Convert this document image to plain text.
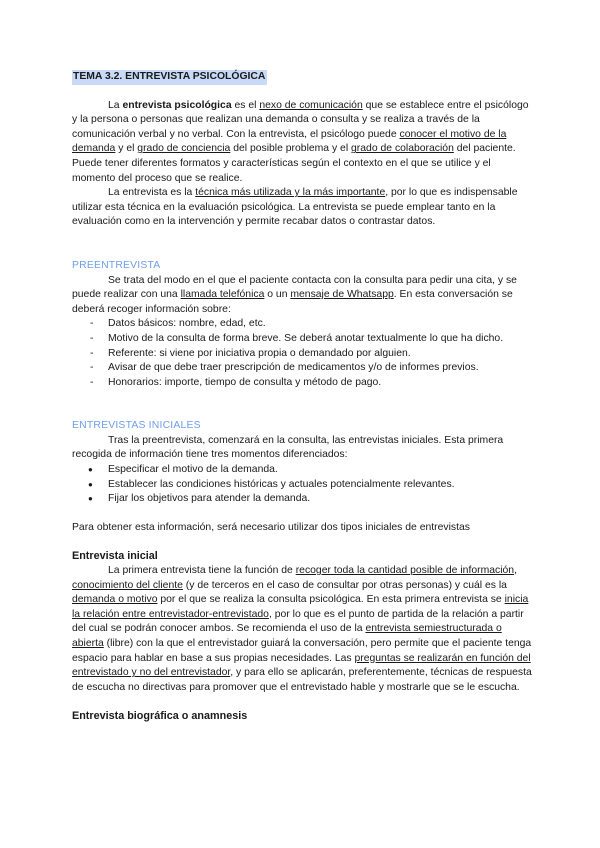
TEMA 3.2. ENTREVISTA PSICOLÓGICA

La entrevista psicológica es el nexo de comunicación que se establece entre el psicólogo y la persona o personas que realizan una demanda o consulta y se realiza a través de la comunicación verbal y no verbal. Con la entrevista, el psicólogo puede conocer el motivo de la demanda y el grado de conciencia del posible problema y el grado de colaboración del paciente. Puede tener diferentes formatos y características según el contexto en el que se utilice y el momento del proceso que se realice.

La entrevista es la técnica más utilizada y la más importante, por lo que es indispensable utilizar esta técnica en la evaluación psicológica. La entrevista se puede emplear tanto en la evaluación como en la intervención y permite recabar datos o contrastar datos.

PREENTREVISTA

Se trata del modo en el que el paciente contacta con la consulta para pedir una cita, y se puede realizar con una llamada telefónica o un mensaje de Whatsapp. En esta conversación se deberá recoger información sobre:

- Datos básicos: nombre, edad, etc.
- Motivo de la consulta de forma breve. Se deberá anotar textualmente lo que ha dicho.
- Referente: si viene por iniciativa propia o demandado por alguien.
- Avisar de que debe traer prescripción de medicamentos y/o de informes previos.
- Honorarios: importe, tiempo de consulta y método de pago.

ENTREVISTAS INICIALES

Tras la preentrevista, comenzará en la consulta, las entrevistas iniciales. Esta primera recogida de información tiene tres momentos diferenciados:

● Especificar el motivo de la demanda.
● Establecer las condiciones históricas y actuales potencialmente relevantes.
● Fijar los objetivos para atender la demanda.

Para obtener esta información, será necesario utilizar dos tipos iniciales de entrevistas

Entrevista inicial

La primera entrevista tiene la función de recoger toda la cantidad posible de información, conocimiento del cliente (y de terceros en el caso de consultar por otras personas) y cuál es la demanda o motivo por el que se realiza la consulta psicológica. En esta primera entrevista se inicia la relación entre entrevistador-entrevistado, por lo que es el punto de partida de la relación a partir del cual se podrán conocer ambos. Se recomienda el uso de la entrevista semiestructurada o abierta (libre) con la que el entrevistador guiará la conversación, pero permite que el paciente tenga espacio para hablar en base a sus propias necesidades. Las preguntas se realizarán en función del entrevistado y no del entrevistador, y para ello se aplicarán, preferentemente, técnicas de respuesta de escucha no directivas para promover que el entrevistado hable y mostrarle que se le escucha.

Entrevista biográfica o anamnesis
